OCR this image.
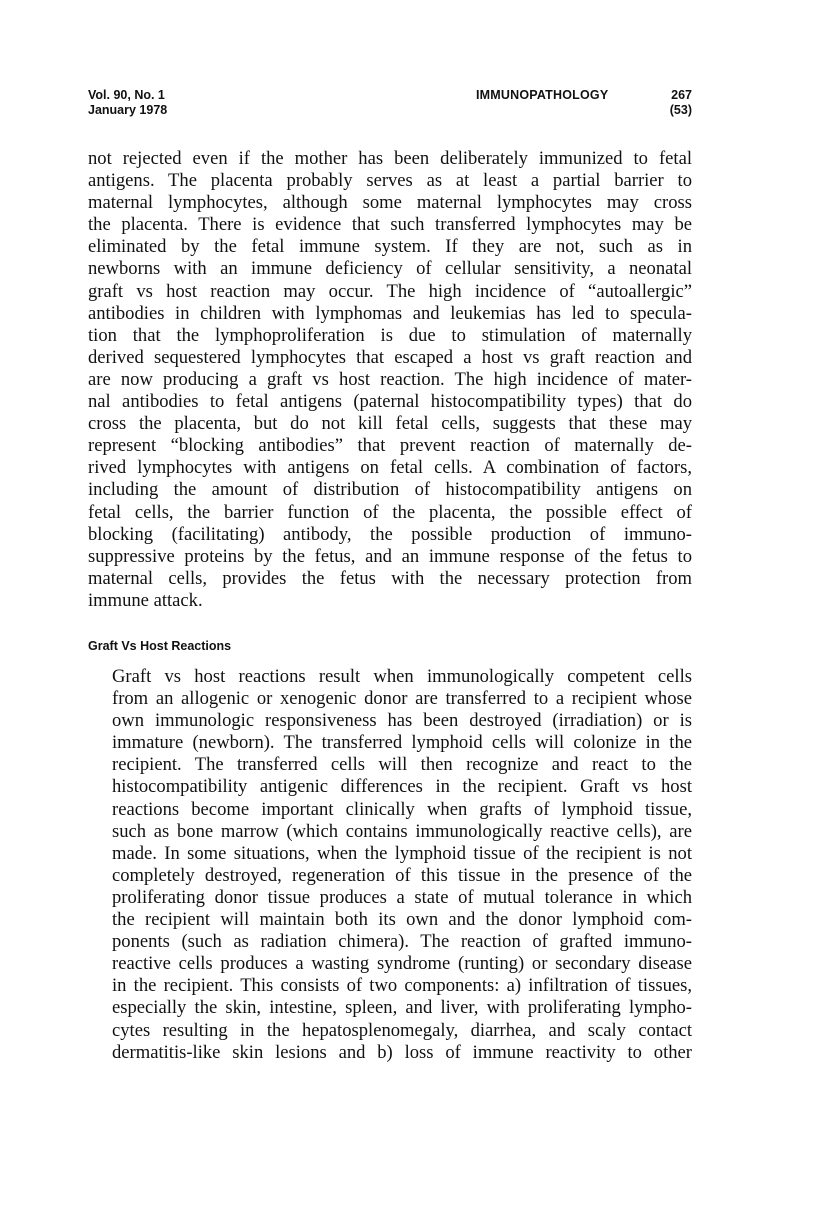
Vol. 90, No. 1
January 1978
IMMUNOPATHOLOGY	267
(53)
not rejected even if the mother has been deliberately immunized to fetal
antigens. The placenta probably serves as at least a partial barrier to
maternal lymphocytes, although some maternal lymphocytes may cross
the placenta. There is evidence that such transferred lymphocytes may be
eliminated by the fetal immune system. If they are not, such as in
newborns with an immune deficiency of cellular sensitivity, a neonatal
graft vs host reaction may occur. The high incidence of “autoallergic”
antibodies in children with lymphomas and leukemias has led to specula-
tion that the lymphoproliferation is due to stimulation of maternally
derived sequestered lymphocytes that escaped a host vs graft reaction and
are now producing a graft vs host reaction. The high incidence of mater-
nal antibodies to fetal antigens (paternal histocompatibility types) that do
cross the placenta, but do not kill fetal cells, suggests that these may
represent “blocking antibodies” that prevent reaction of maternally de-
rived lymphocytes with antigens on fetal cells. A combination of factors,
including the amount of distribution of histocompatibility antigens on
fetal cells, the barrier function of the placenta, the possible effect of
blocking (facilitating) antibody, the possible production of immuno-
suppressive proteins by the fetus, and an immune response of the fetus to
maternal cells, provides the fetus with the necessary protection from
immune attack.
Graft Vs Host Reactions
Graft vs host reactions result when immunologically competent cells
from an allogenic or xenogenic donor are transferred to a recipient whose
own immunologic responsiveness has been destroyed (irradiation) or is
immature (newborn). The transferred lymphoid cells will colonize in the
recipient. The transferred cells will then recognize and react to the
histocompatibility antigenic differences in the recipient. Graft vs host
reactions become important clinically when grafts of lymphoid tissue,
such as bone marrow (which contains immunologically reactive cells), are
made. In some situations, when the lymphoid tissue of the recipient is not
completely destroyed, regeneration of this tissue in the presence of the
proliferating donor tissue produces a state of mutual tolerance in which
the recipient will maintain both its own and the donor lymphoid com-
ponents (such as radiation chimera). The reaction of grafted immuno-
reactive cells produces a wasting syndrome (runting) or secondary disease
in the recipient. This consists of two components: a) infiltration of tissues,
especially the skin, intestine, spleen, and liver, with proliferating lympho-
cytes resulting in the hepatosplenomegaly, diarrhea, and scaly contact
dermatitis-like skin lesions and b) loss of immune reactivity to other
